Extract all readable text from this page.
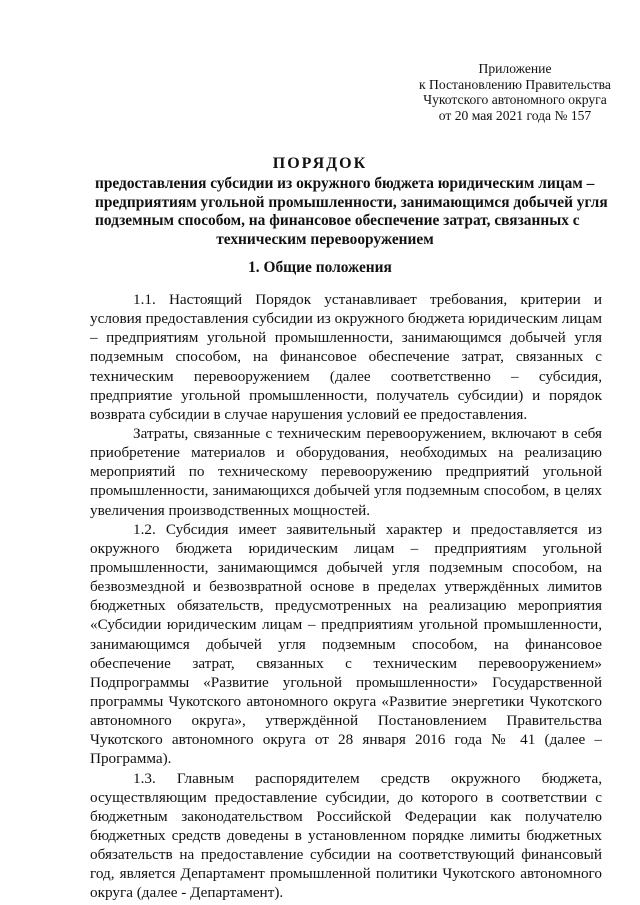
Приложение
к Постановлению Правительства
Чукотского автономного округа
от 20 мая 2021 года № 157
ПОРЯДОК
предоставления субсидии из окружного бюджета юридическим лицам –
предприятиям угольной промышленности, занимающимся добычей угля
подземным способом, на финансовое обеспечение затрат, связанных с
техническим перевооружением
1. Общие положения
1.1. Настоящий Порядок устанавливает требования, критерии и
условия предоставления субсидии из окружного бюджета юридическим лицам
– предприятиям угольной промышленности, занимающимся добычей угля
подземным способом, на финансовое обеспечение затрат, связанных с
техническим перевооружением (далее соответственно – субсидия,
предприятие угольной промышленности, получатель субсидии) и порядок
возврата субсидии в случае нарушения условий ее предоставления.
Затраты, связанные с техническим перевооружением, включают в себя
приобретение материалов и оборудования, необходимых на реализацию
мероприятий по техническому перевооружению предприятий угольной
промышленности, занимающихся добычей угля подземным способом, в целях
увеличения производственных мощностей.
1.2. Субсидия имеет заявительный характер и предоставляется из
окружного бюджета юридическим лицам – предприятиям угольной
промышленности, занимающимся добычей угля подземным способом, на
безвозмездной и безвозвратной основе в пределах утверждённых лимитов
бюджетных обязательств, предусмотренных на реализацию мероприятия
«Субсидии юридическим лицам – предприятиям угольной промышленности,
занимающимся добычей угля подземным способом, на финансовое
обеспечение затрат, связанных с техническим перевооружением»
Подпрограммы «Развитие угольной промышленности» Государственной
программы Чукотского автономного округа «Развитие энергетики Чукотского
автономного округа», утверждённой Постановлением Правительства
Чукотского автономного округа от 28 января 2016 года № 41 (далее –
Программа).
1.3. Главным распорядителем средств окружного бюджета,
осуществляющим предоставление субсидии, до которого в соответствии с
бюджетным законодательством Российской Федерации как получателю
бюджетных средств доведены в установленном порядке лимиты бюджетных
обязательств на предоставление субсидии на соответствующий финансовый
год, является Департамент промышленной политики Чукотского автономного
округа (далее - Департамент).
